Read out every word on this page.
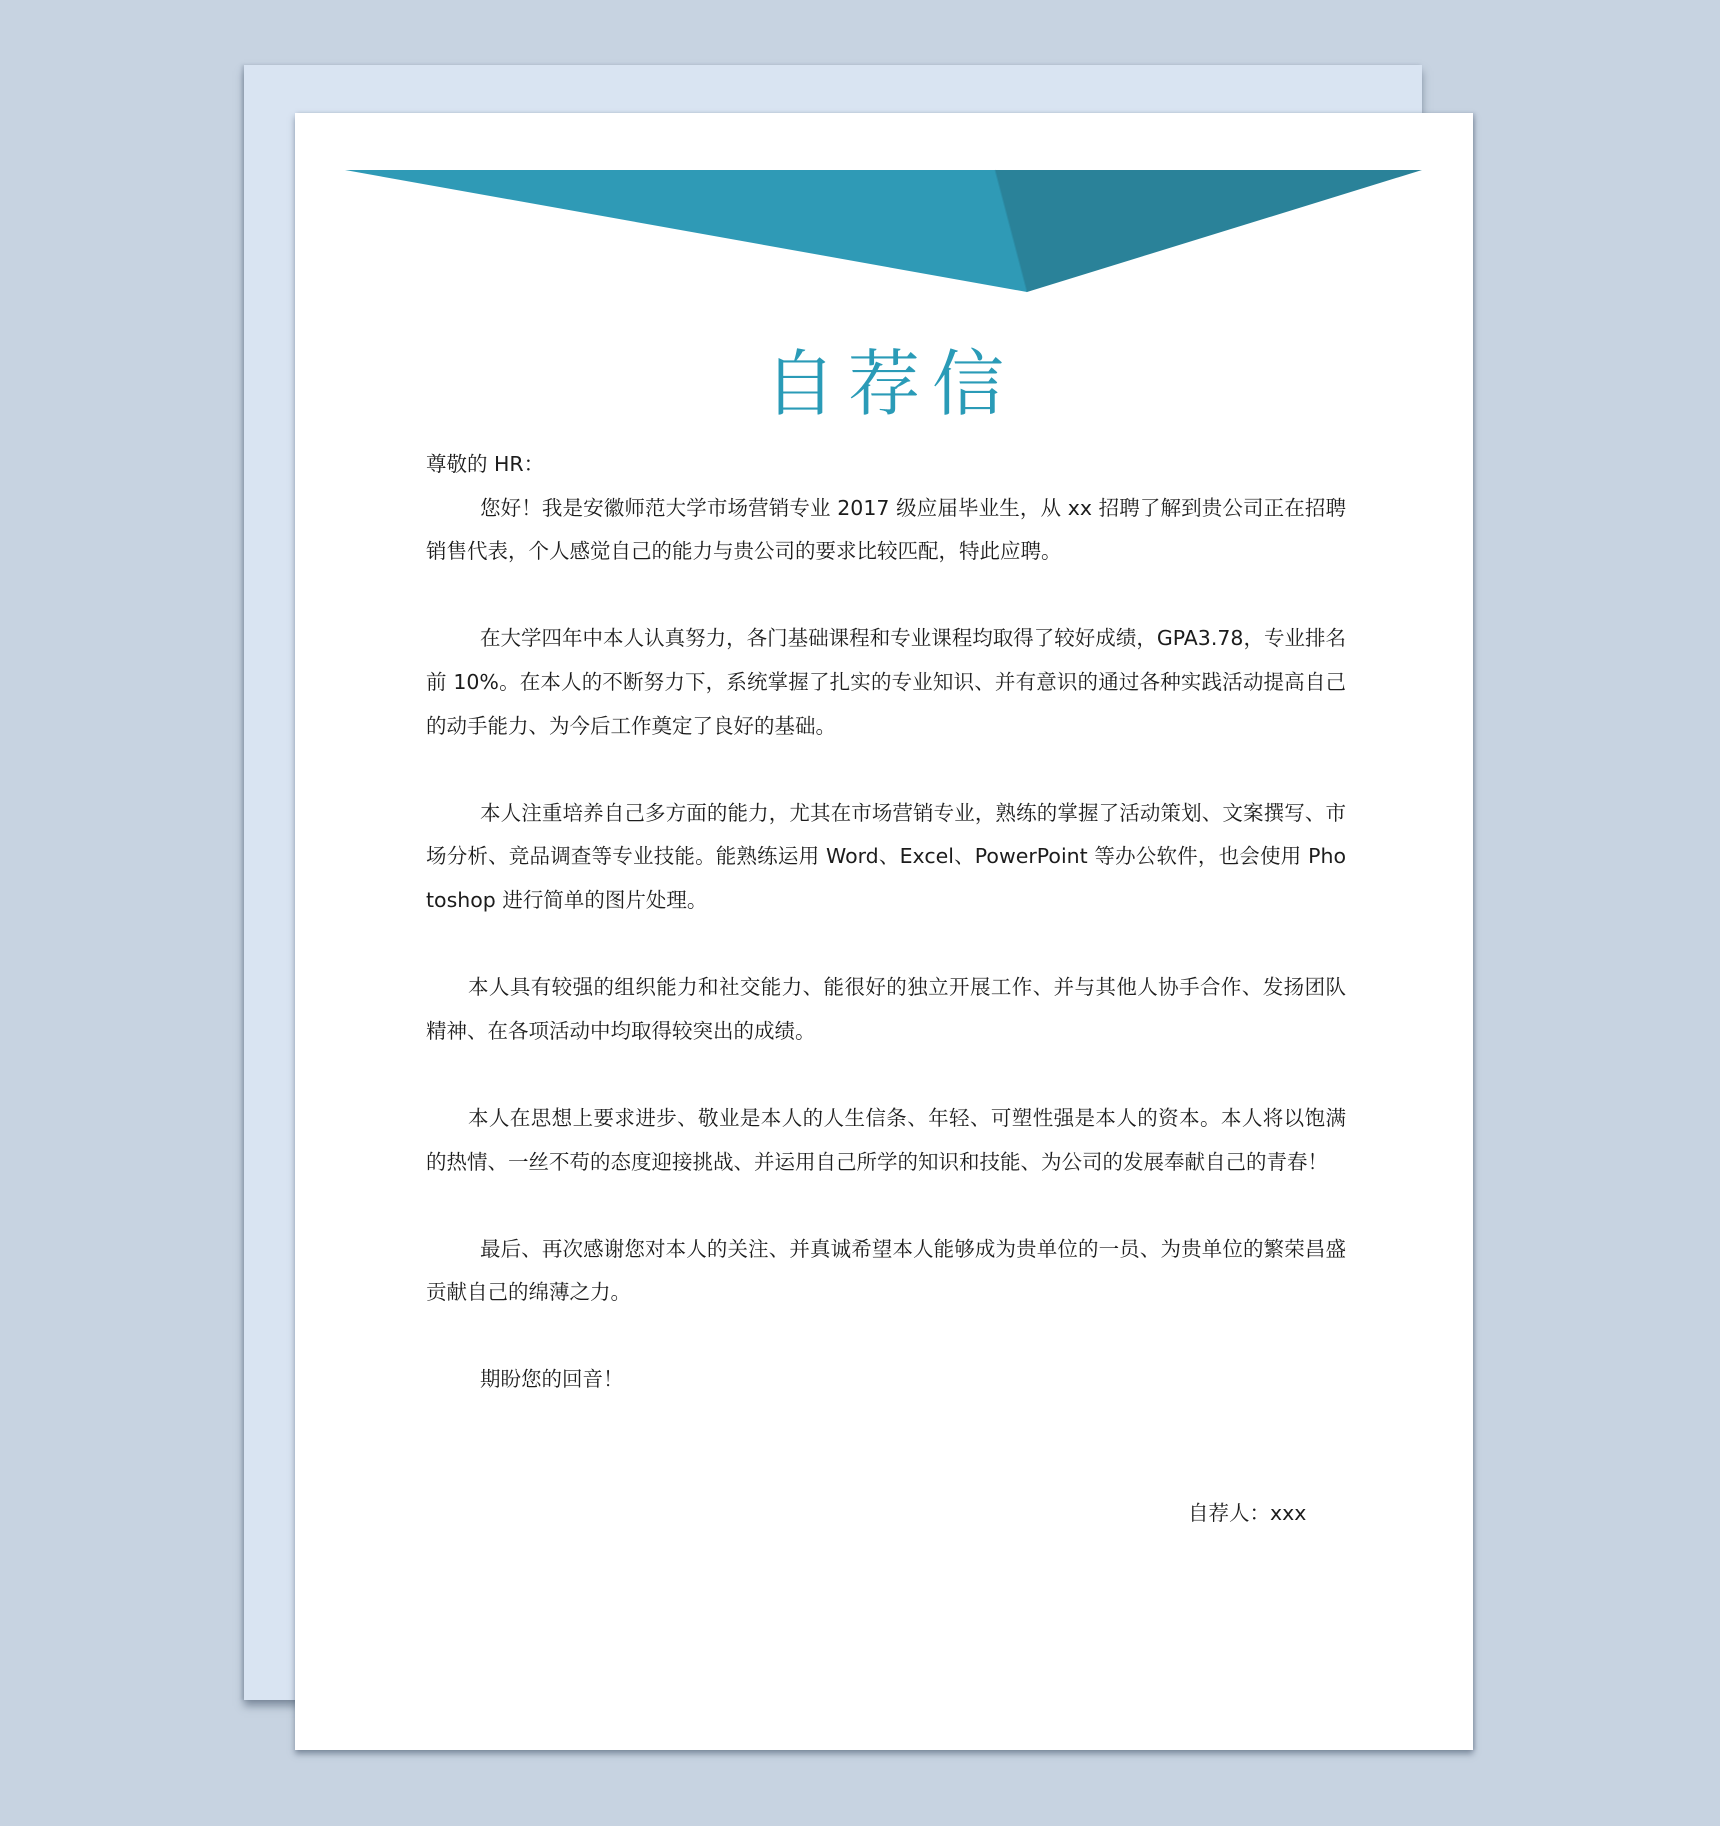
自荐信

尊敬的 HR：

您好！我是安徽师范大学市场营销专业 2017 级应届毕业生，从 xx 招聘了解到贵公司正在招聘销售代表，个人感觉自己的能力与贵公司的要求比较匹配，特此应聘。

在大学四年中本人认真努力，各门基础课程和专业课程均取得了较好成绩，GPA3.78，专业排名前 10%。在本人的不断努力下，系统掌握了扎实的专业知识、并有意识的通过各种实践活动提高自己的动手能力、为今后工作奠定了良好的基础。

本人注重培养自己多方面的能力，尤其在市场营销专业，熟练的掌握了活动策划、文案撰写、市场分析、竞品调查等专业技能。能熟练运用 Word、Excel、PowerPoint 等办公软件，也会使用 Photoshop 进行简单的图片处理。

本人具有较强的组织能力和社交能力、能很好的独立开展工作、并与其他人协手合作、发扬团队精神、在各项活动中均取得较突出的成绩。

本人在思想上要求进步、敬业是本人的人生信条、年轻、可塑性强是本人的资本。本人将以饱满的热情、一丝不苟的态度迎接挑战、并运用自己所学的知识和技能、为公司的发展奉献自己的青春！

最后、再次感谢您对本人的关注、并真诚希望本人能够成为贵单位的一员、为贵单位的繁荣昌盛贡献自己的绵薄之力。

期盼您的回音！

自荐人：xxx
